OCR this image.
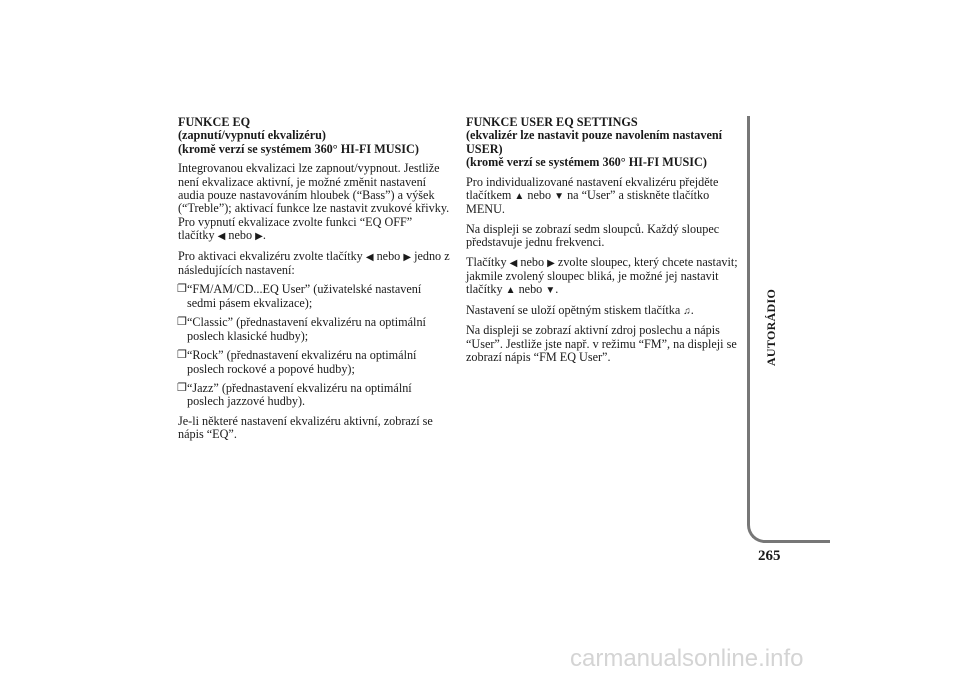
FUNKCE EQ
(zapnutí/vypnutí ekvalizéru)
(kromě verzí se systémem 360° HI-FI MUSIC)

Integrovanou ekvalizaci lze zapnout/vypnout. Jestliže není ekvalizace aktivní, je možné změnit nastavení audia pouze nastavováním hloubek (“Bass”) a výšek (“Treble”); aktivací funkce lze nastavit zvukové křivky. Pro vypnutí ekvalizace zvolte funkci “EQ OFF” tlačítky ◀ nebo ▶.

Pro aktivaci ekvalizéru zvolte tlačítky ◀ nebo ▶ jedno z následujících nastavení:

❐ “FM/AM/CD...EQ User” (uživatelské nastavení sedmi pásem ekvalizace);
❐ “Classic” (přednastavení ekvalizéru na optimální poslech klasické hudby);
❐ “Rock” (přednastavení ekvalizéru na optimální poslech rockové a popové hudby);
❐ “Jazz” (přednastavení ekvalizéru na optimální poslech jazzové hudby).

Je-li některé nastavení ekvalizéru aktivní, zobrazí se nápis “EQ”.

FUNKCE USER EQ SETTINGS
(ekvalizér lze nastavit pouze navolením nastavení USER)
(kromě verzí se systémem 360° HI-FI MUSIC)

Pro individualizované nastavení ekvalizéru přejděte tlačítkem ▲ nebo ▼ na “User” a stiskněte tlačítko MENU.

Na displeji se zobrazí sedm sloupců. Každý sloupec představuje jednu frekvenci.

Tlačítky ◀ nebo ▶ zvolte sloupec, který chcete nastavit; jakmile zvolený sloupec bliká, je možné jej nastavit tlačítky ▲ nebo ▼.

Nastavení se uloží opětným stiskem tlačítka ♫.

Na displeji se zobrazí aktivní zdroj poslechu a nápis “User”. Jestliže jste např. v režimu “FM”, na displeji se zobrazí nápis “FM EQ User”.	AUTORÁDIO
265
carmanualsonline.info
